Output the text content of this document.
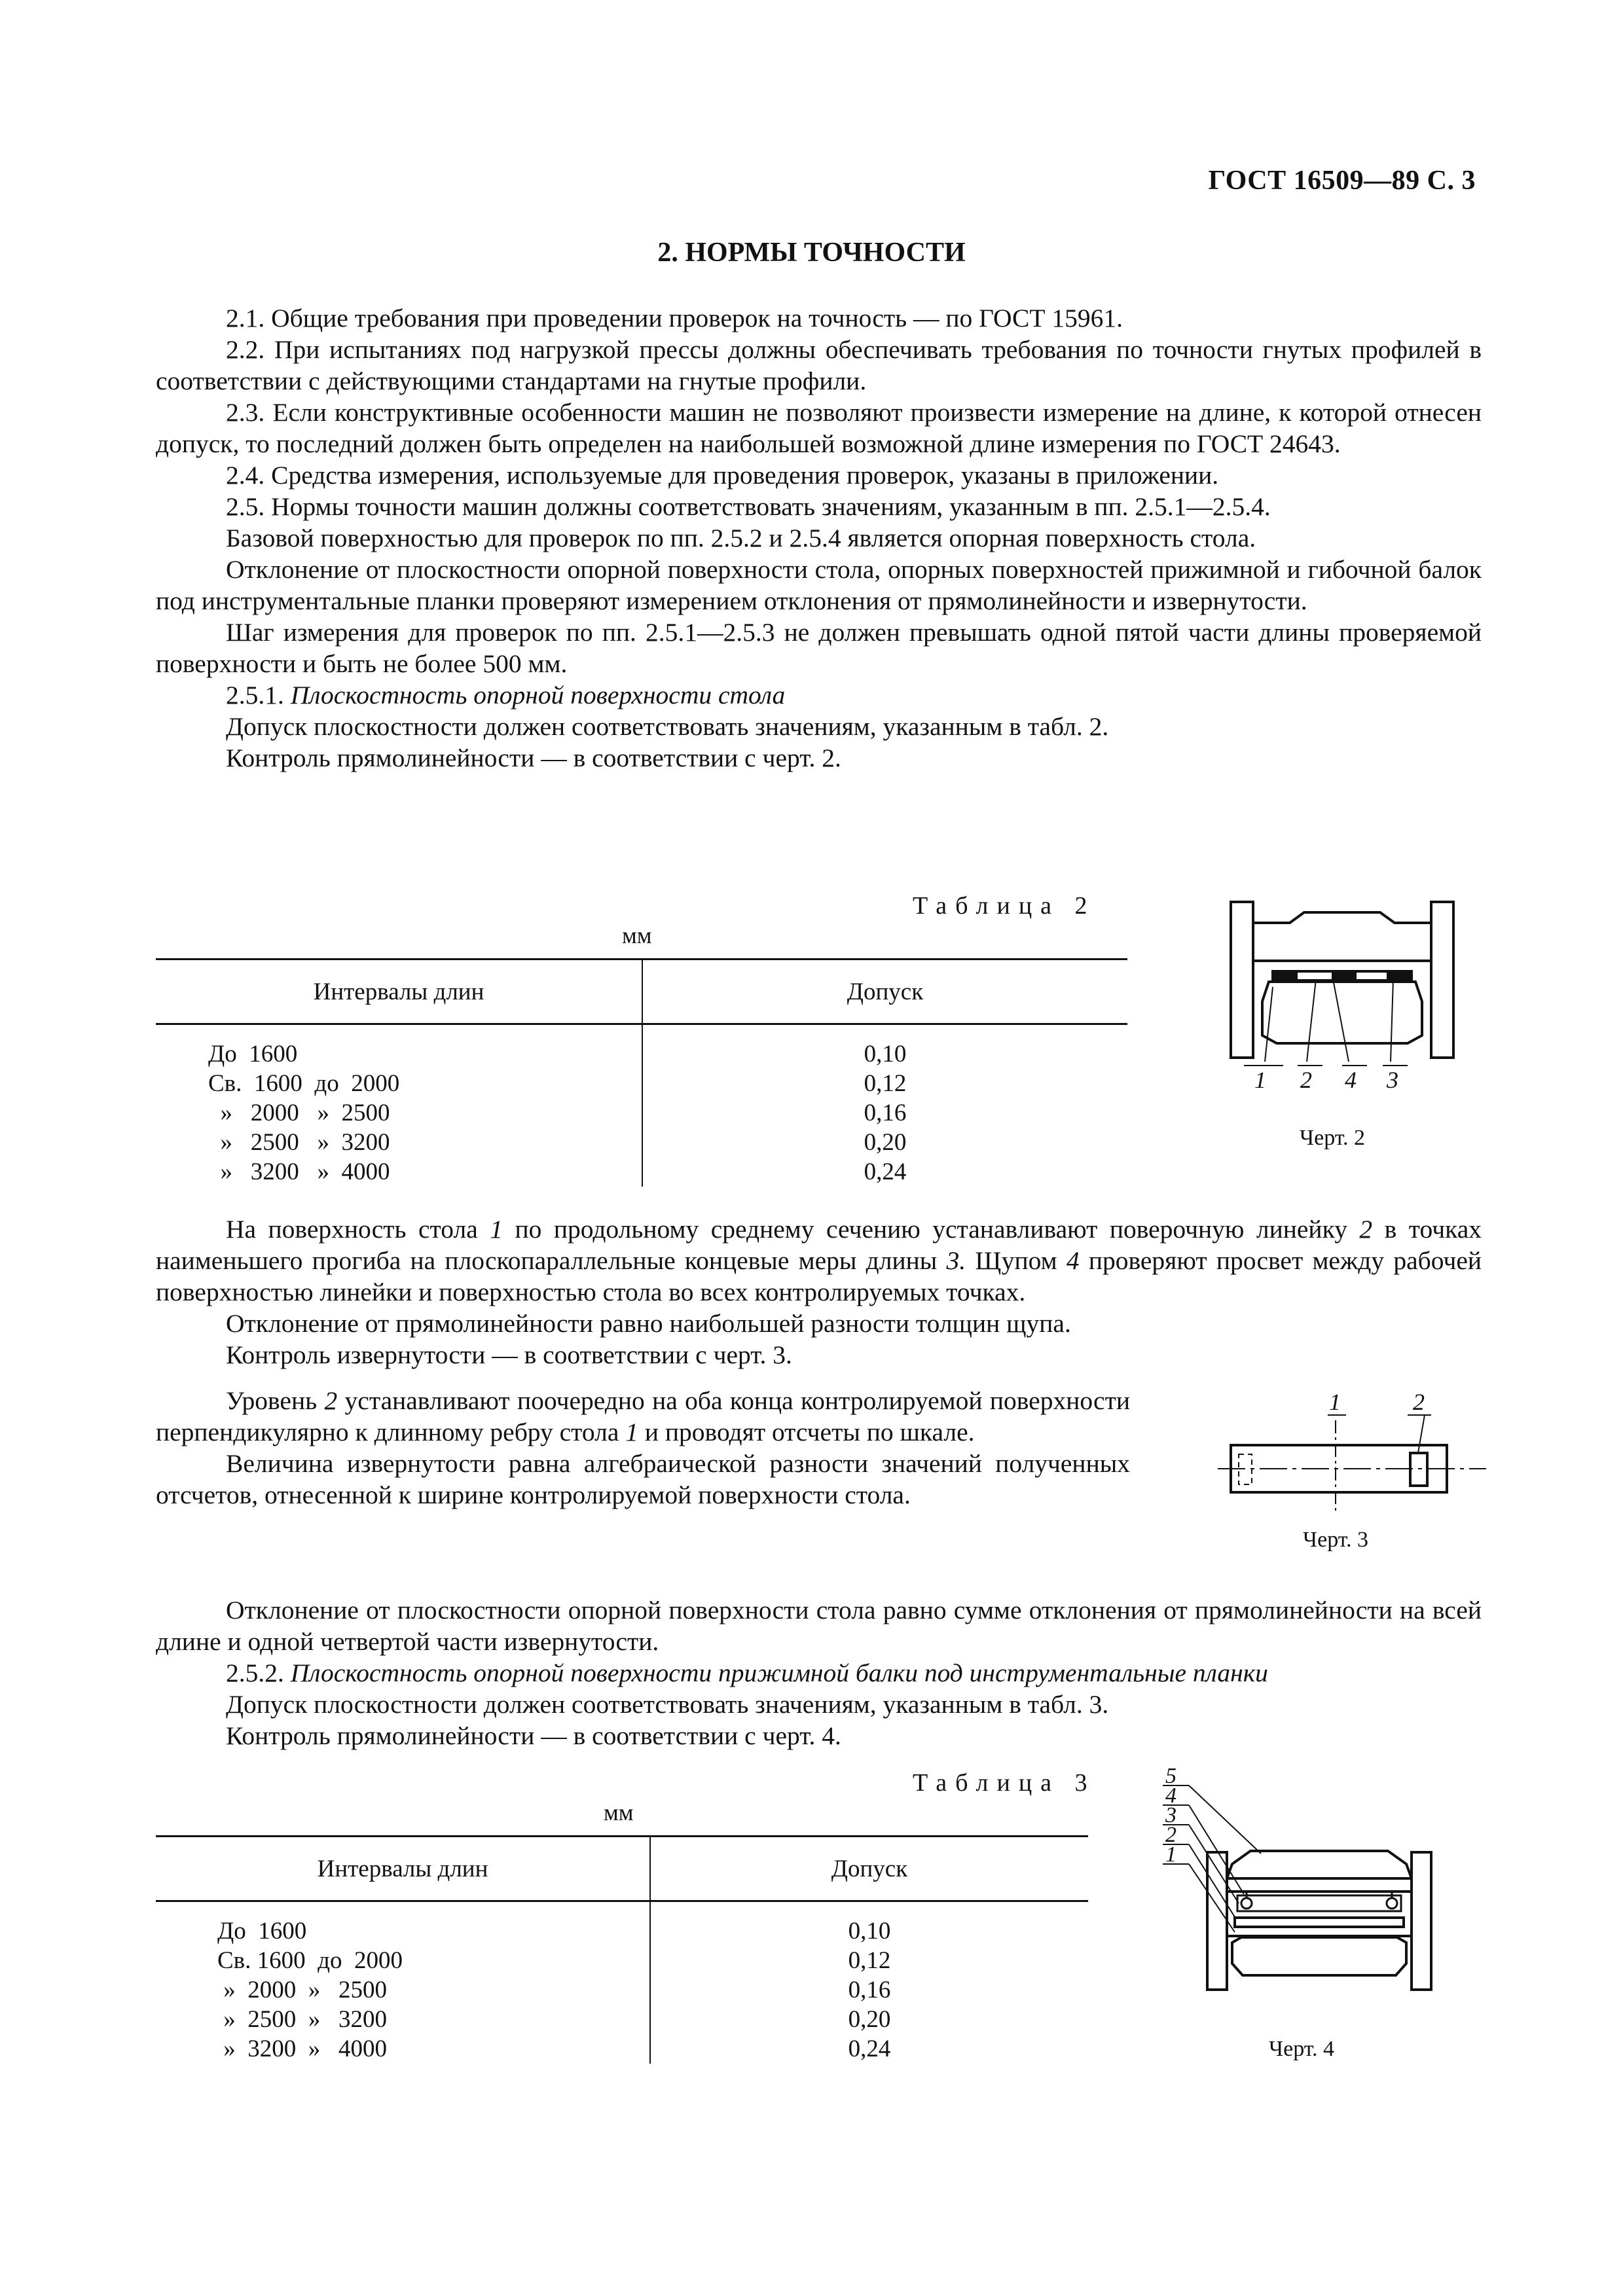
ГОСТ 16509—89 С. 3
2. НОРМЫ ТОЧНОСТИ

2.1. Общие требования при проведении проверок на точность — по ГОСТ 15961.

2.2. При испытаниях под нагрузкой прессы должны обеспечивать требования по точности гнутых профилей в соответствии с действующими стандартами на гнутые профили.

2.3. Если конструктивные особенности машин не позволяют произвести измерение на длине, к которой отнесен допуск, то последний должен быть определен на наибольшей возможной длине измерения по ГОСТ 24643.

2.4. Средства измерения, используемые для проведения проверок, указаны в приложении.

2.5. Нормы точности машин должны соответствовать значениям, указанным в пп. 2.5.1—2.5.4.

Базовой поверхностью для проверок по пп. 2.5.2 и 2.5.4 является опорная поверхность стола.

Отклонение от плоскостности опорной поверхности стола, опорных поверхностей прижимной и гибочной балок под инструментальные планки проверяют измерением отклонения от прямолинейности и извернутости.

Шаг измерения для проверок по пп. 2.5.1—2.5.3 не должен превышать одной пятой части длины проверяемой поверхности и быть не более 500 мм.

2.5.1. Плоскостность опорной поверхности стола

Допуск плоскостности должен соответствовать значениям, указанным в табл. 2.

Контроль прямолинейности — в соответствии с черт. 2.

Таблица 2
мм
Интервалы длин	Допуск
До  1600	0,10
Св.  1600  до  2000	0,12
»   2000   »  2500	0,16
»   2500   »  3200	0,20
»   3200   »  4000	0,24
1 2 4 3
Черт. 2

На поверхность стола 1 по продольному среднему сечению устанавливают поверочную линейку 2 в точках наименьшего прогиба на плоскопараллельные концевые меры длины 3. Щупом 4 проверяют просвет между рабочей поверхностью линейки и поверхностью стола во всех контролируемых точках.

Отклонение от прямолинейности равно наибольшей разности толщин щупа.

Контроль извернутости — в соответствии с черт. 3.

Уровень 2 устанавливают поочередно на оба конца контролируемой поверхности перпендикулярно к длинному ребру стола 1 и проводят отсчеты по шкале.

Величина извернутости равна алгебраической разности значений полученных отсчетов, отнесенной к ширине контролируемой поверхности стола.

1	2
Черт. 3

Отклонение от плоскостности опорной поверхности стола равно сумме отклонения от прямолинейности на всей длине и одной четвертой части извернутости.

2.5.2. Плоскостность опорной поверхности прижимной балки под инструментальные планки

Допуск плоскостности должен соответствовать значениям, указанным в табл. 3.

Контроль прямолинейности — в соответствии с черт. 4.

Таблица 3
мм
Интервалы длин	Допуск
До  1600	0,10
Св. 1600  до  2000	0,12
»  2000  »   2500	0,16
»  2500  »   3200	0,20
»  3200  »   4000	0,24
5
4
3
2
1
Черт. 4
